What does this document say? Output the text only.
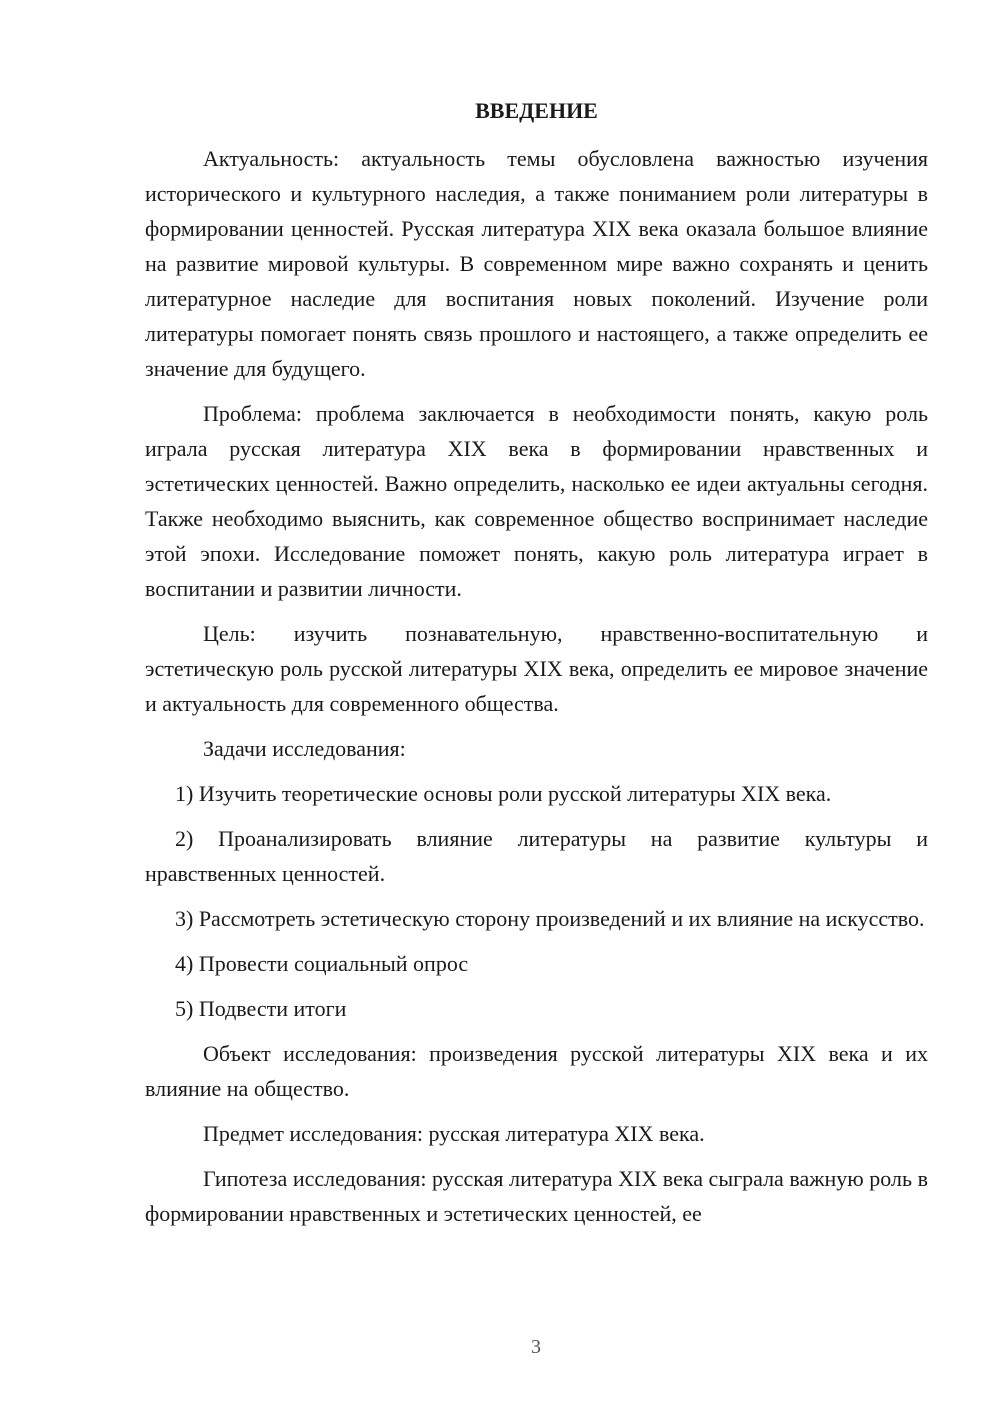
ВВЕДЕНИЕ

Актуальность: актуальность темы обусловлена важностью изучения исторического и культурного наследия, а также пониманием роли литературы в формировании ценностей. Русская литература XIX века оказала большое влияние на развитие мировой культуры. В современном мире важно сохранять и ценить литературное наследие для воспитания новых поколений. Изучение роли литературы помогает понять связь прошлого и настоящего, а также определить ее значение для будущего.

Проблема: проблема заключается в необходимости понять, какую роль играла русская литература XIX века в формировании нравственных и эстетических ценностей. Важно определить, насколько ее идеи актуальны сегодня. Также необходимо выяснить, как современное общество воспринимает наследие этой эпохи. Исследование поможет понять, какую роль литература играет в воспитании и развитии личности.

Цель: изучить познавательную, нравственно-воспитательную и эстетическую роль русской литературы XIX века, определить ее мировое значение и актуальность для современного общества.

Задачи исследования:

1) Изучить теоретические основы роли русской литературы XIX века.

2) Проанализировать влияние литературы на развитие культуры и нравственных ценностей.

3) Рассмотреть эстетическую сторону произведений и их влияние на искусство.

4) Провести социальный опрос

5) Подвести итоги

Объект исследования: произведения русской литературы XIX века и их влияние на общество.

Предмет исследования: русская литература XIX века.

Гипотеза исследования: русская литература XIX века сыграла важную роль в формировании нравственных и эстетических ценностей, ее

3
